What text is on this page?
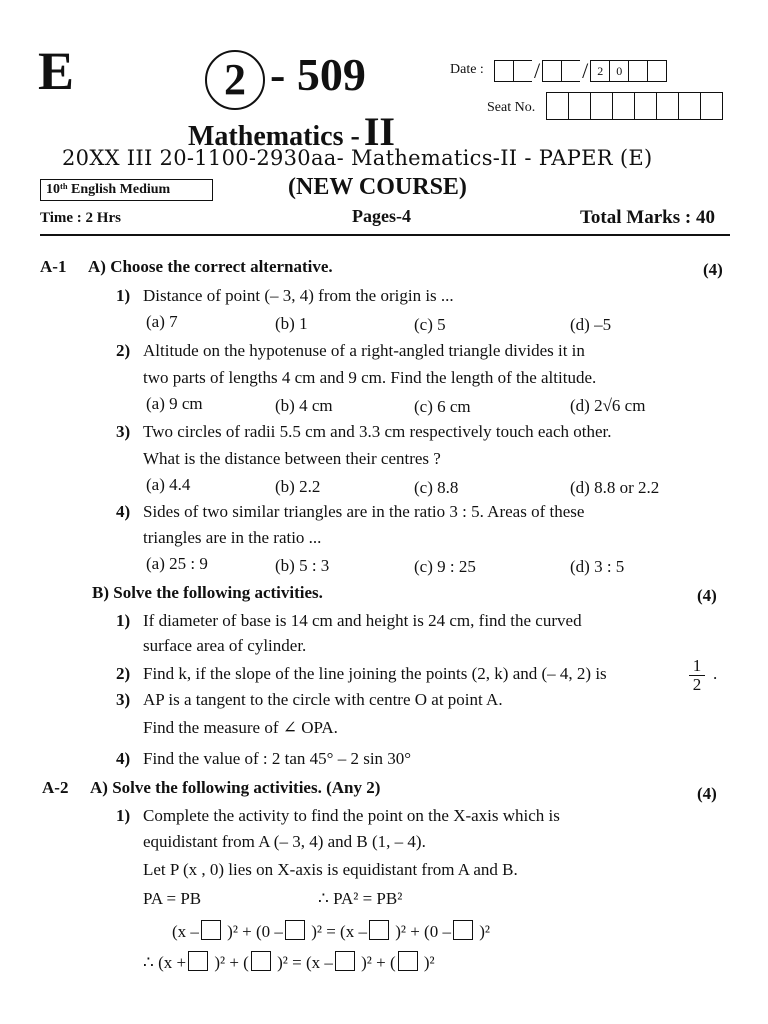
E	2 - 509	Date : / / 2	0
Seat No.
Mathematics - II
20XX III 20-1100-2930aa- Mathematics-II - PAPER (E)
10ᵗʰ English Medium	(NEW COURSE)
Time : 2 Hrs	Pages-4	Total Marks : 40
A-1 A) Choose the correct alternative.	(4)
1) Distance of point (– 3, 4) from the origin is ...
(a) 7	(b) 1	(c) 5	(d) –5
2) Altitude on the hypotenuse of a right-angled triangle divides it in
two parts of lengths 4 cm and 9 cm. Find the length of the altitude.
(a) 9 cm	(b) 4 cm	(c) 6 cm	(d) 2√6 cm
3) Two circles of radii 5.5 cm and 3.3 cm respectively touch each other.
What is the distance between their centres ?
(a) 4.4	(b) 2.2	(c) 8.8	(d) 8.8 or 2.2
4) Sides of two similar triangles are in the ratio 3 : 5. Areas of these
triangles are in the ratio ...
(a) 25 : 9	(b) 5 : 3	(c) 9 : 25	(d) 3 : 5
B) Solve the following activities.	(4)
1) If diameter of base is 14 cm and height is 24 cm, find the curved
surface area of cylinder.
2) Find k, if the slope of the line joining the points (2, k) and (– 4, 2) is	$\frac{1}{2}$ .
3) AP is a tangent to the circle with centre O at point A.
Find the measure of ∠ OPA.
4) Find the value of : 2 tan 45° – 2 sin 30°
A-2 A) Solve the following activities. (Any 2)	(4)
1) Complete the activity to find the point on the X-axis which is
equidistant from A (– 3, 4) and B (1, – 4).
Let P (x , 0) lies on X-axis is equidistant from A and B.
PA = PB	∴ PA² = PB²
(x – )² + (0 – )² = (x – )² + (0 – )²
∴ (x + )² + ( )² = (x – )² + ( )²
